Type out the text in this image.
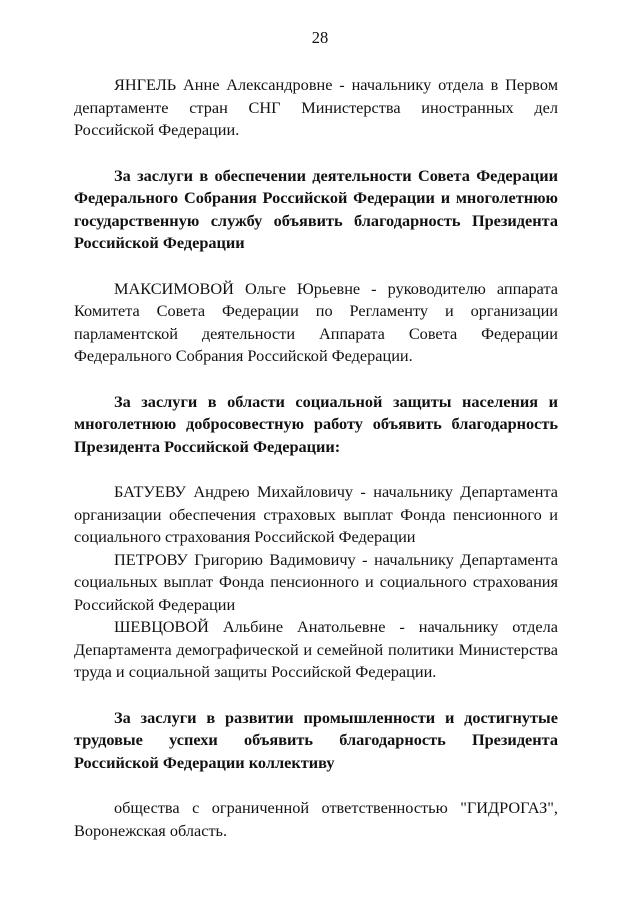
28

ЯНГЕЛЬ Анне Александровне - начальнику отдела в Первом департаменте стран СНГ Министерства иностранных дел Российской Федерации.

За заслуги в обеспечении деятельности Совета Федерации Федерального Собрания Российской Федерации и многолетнюю государственную службу объявить благодарность Президента Российской Федерации

МАКСИМОВОЙ Ольге Юрьевне - руководителю аппарата Комитета Совета Федерации по Регламенту и организации парламентской деятельности Аппарата Совета Федерации Федерального Собрания Российской Федерации.

За заслуги в области социальной защиты населения и многолетнюю добросовестную работу объявить благодарность Президента Российской Федерации:

БАТУЕВУ Андрею Михайловичу - начальнику Департамента организации обеспечения страховых выплат Фонда пенсионного и социального страхования Российской Федерации

ПЕТРОВУ Григорию Вадимовичу - начальнику Департамента социальных выплат Фонда пенсионного и социального страхования Российской Федерации

ШЕВЦОВОЙ Альбине Анатольевне - начальнику отдела Департамента демографической и семейной политики Министерства труда и социальной защиты Российской Федерации.

За заслуги в развитии промышленности и достигнутые трудовые успехи объявить благодарность Президента Российской Федерации коллективу

общества с ограниченной ответственностью "ГИДРОГАЗ", Воронежская область.
